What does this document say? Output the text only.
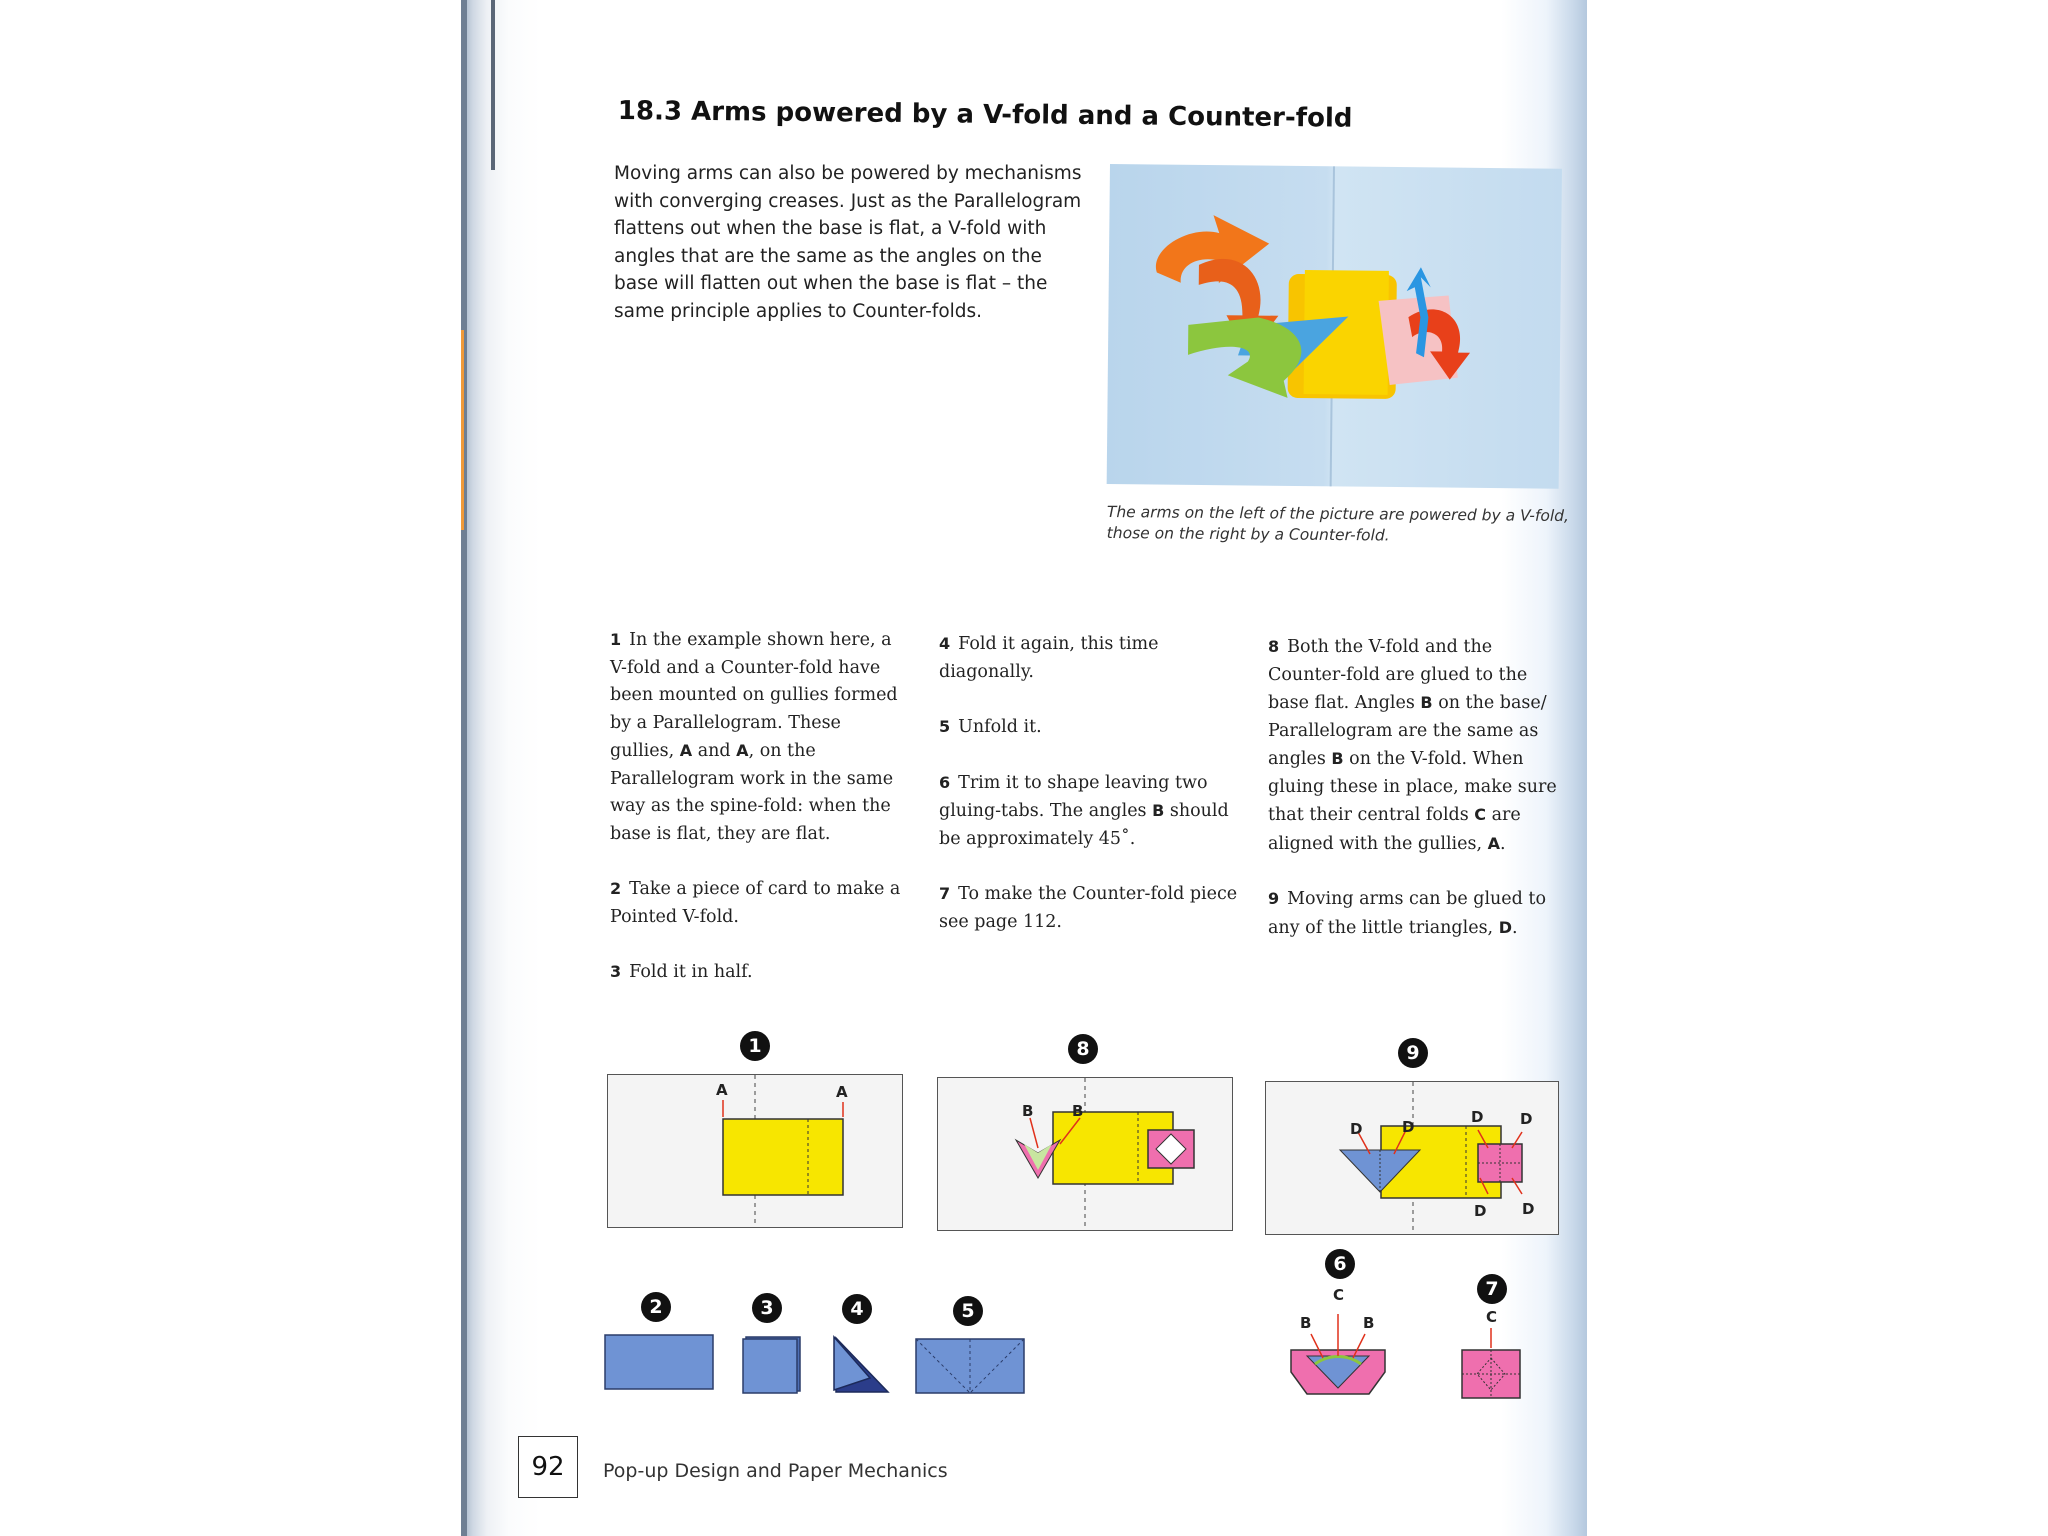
18.3 Arms powered by a V-fold and a Counter-fold
Moving arms can also be powered by mechanisms with converging creases. Just as the Parallelogram flattens out when the base is flat, a V-fold with angles that are the same as the angles on the base will flatten out when the base is flat – the same principle applies to Counter-folds.
The arms on the left of the picture are powered by a V-fold, those on the right by a Counter-fold.

1 In the example shown here, a V-fold and a Counter-fold have been mounted on gullies formed by a Parallelogram. These gullies, A and A, on the Parallelogram work in the same way as the spine-fold: when the base is flat, they are flat.

2 Take a piece of card to make a Pointed V-fold.

3 Fold it in half.

4 Fold it again, this time diagonally.

5 Unfold it.

6 Trim it to shape leaving two gluing-tabs. The angles B should be approximately 45˚.

7 To make the Counter-fold piece see page 112.

8 Both the V-fold and the Counter-fold are glued to the base flat. Angles B on the base/ Parallelogram are the same as angles B on the V-fold. When gluing these in place, make sure that their central folds C are aligned with the gullies, A.

9 Moving arms can be glued to any of the little triangles, D.

1
A	A
8
B	B
9
D	D
D D
D D
2	3	4	5
6
C
B	B
7
C
92	Pop-up Design and Paper Mechanics
